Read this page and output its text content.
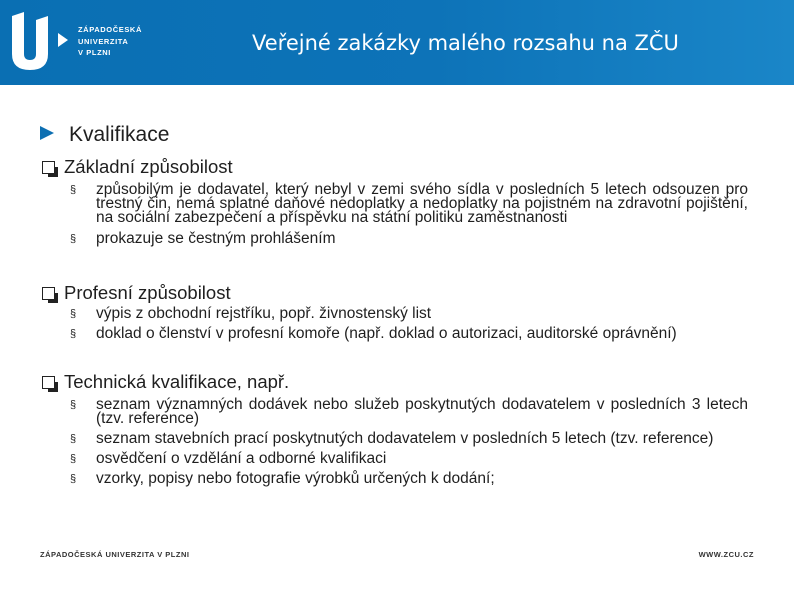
ZÁPADOČESKÁ
UNIVERZITA
V PLZNI	Veřejné zakázky malého rozsahu na ZČU
Kvalifikace
Základní způsobilost
§ způsobilým je dodavatel, který nebyl v zemi svého sídla v posledních 5 letech odsouzen pro trestný čin, nemá splatné daňové nedoplatky a nedoplatky na pojistném na zdravotní pojištění, na sociální zabezpečení a příspěvku na státní politiku zaměstnanosti
§ prokazuje se čestným prohlášením
Profesní způsobilost
§ výpis z obchodní rejstříku, popř. živnostenský list
§ doklad o členství v profesní komoře (např. doklad o autorizaci, auditorské oprávnění)
Technická kvalifikace, např.
§ seznam významných dodávek nebo služeb poskytnutých dodavatelem v posledních 3 letech (tzv. reference)
§ seznam stavebních prací poskytnutých dodavatelem v posledních 5 letech (tzv. reference)
§ osvědčení o vzdělání a odborné kvalifikaci
§ vzorky, popisy nebo fotografie výrobků určených k dodání;
ZÁPADOČESKÁ UNIVERZITA V PLZNI	WWW.ZCU.CZ
